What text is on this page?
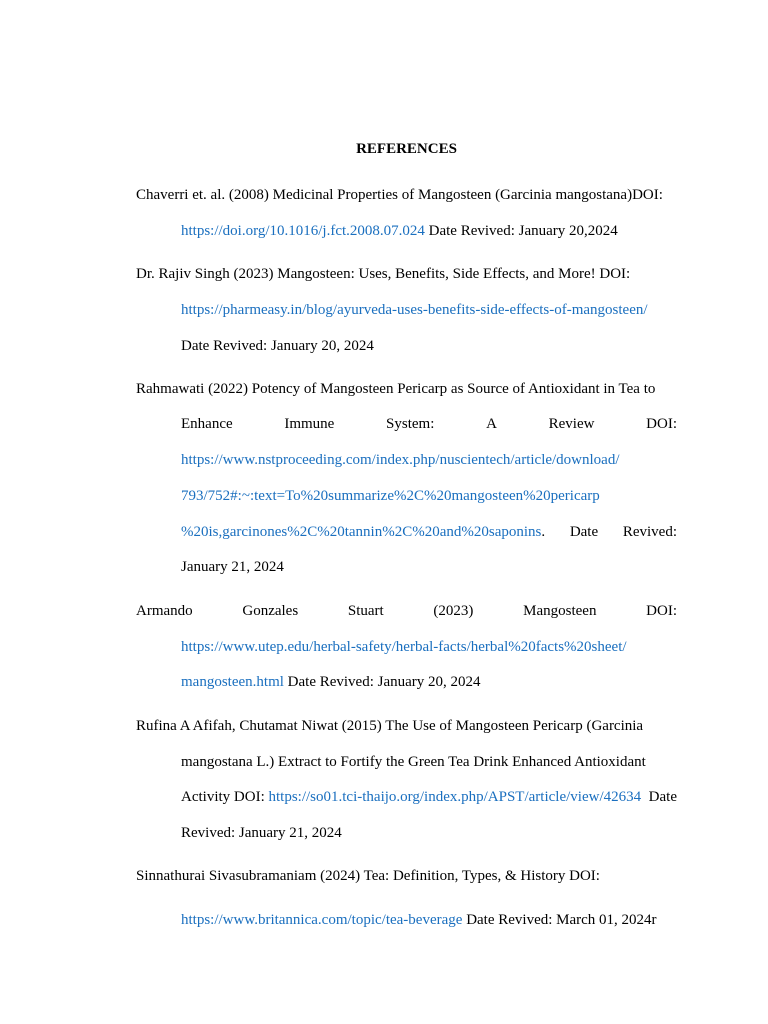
REFERENCES
Chaverri et. al. (2008) Medicinal Properties of Mangosteen (Garcinia mangostana)DOI:
https://doi.org/10.1016/j.fct.2008.07.024 Date Revived: January 20,2024
Dr. Rajiv Singh (2023) Mangosteen: Uses, Benefits, Side Effects, and More! DOI:
https://pharmeasy.in/blog/ayurveda-uses-benefits-side-effects-of-mangosteen/
Date Revived: January 20, 2024
Rahmawati (2022) Potency of Mangosteen Pericarp as Source of Antioxidant in Tea to
Enhance	Immune	System:	A	Review	DOI:
https://www.nstproceeding.com/index.php/nuscientech/article/download/
793/752#:~:text=To%20summarize%2C%20mangosteen%20pericarp
%20is,garcinones%2C%20tannin%2C%20and%20saponins. Date Revived:
January 21, 2024
Armando	Gonzales	Stuart	(2023)	Mangosteen	DOI:
https://www.utep.edu/herbal-safety/herbal-facts/herbal%20facts%20sheet/
mangosteen.html Date Revived: January 20, 2024
Rufina A Afifah, Chutamat Niwat (2015) The Use of Mangosteen Pericarp (Garcinia
mangostana L.) Extract to Fortify the Green Tea Drink Enhanced Antioxidant
Activity DOI: https://so01.tci-thaijo.org/index.php/APST/article/view/42634 Date
Revived: January 21, 2024
Sinnathurai Sivasubramaniam (2024) Tea: Definition, Types, & History DOI:
https://www.britannica.com/topic/tea-beverage Date Revived: March 01, 2024r
